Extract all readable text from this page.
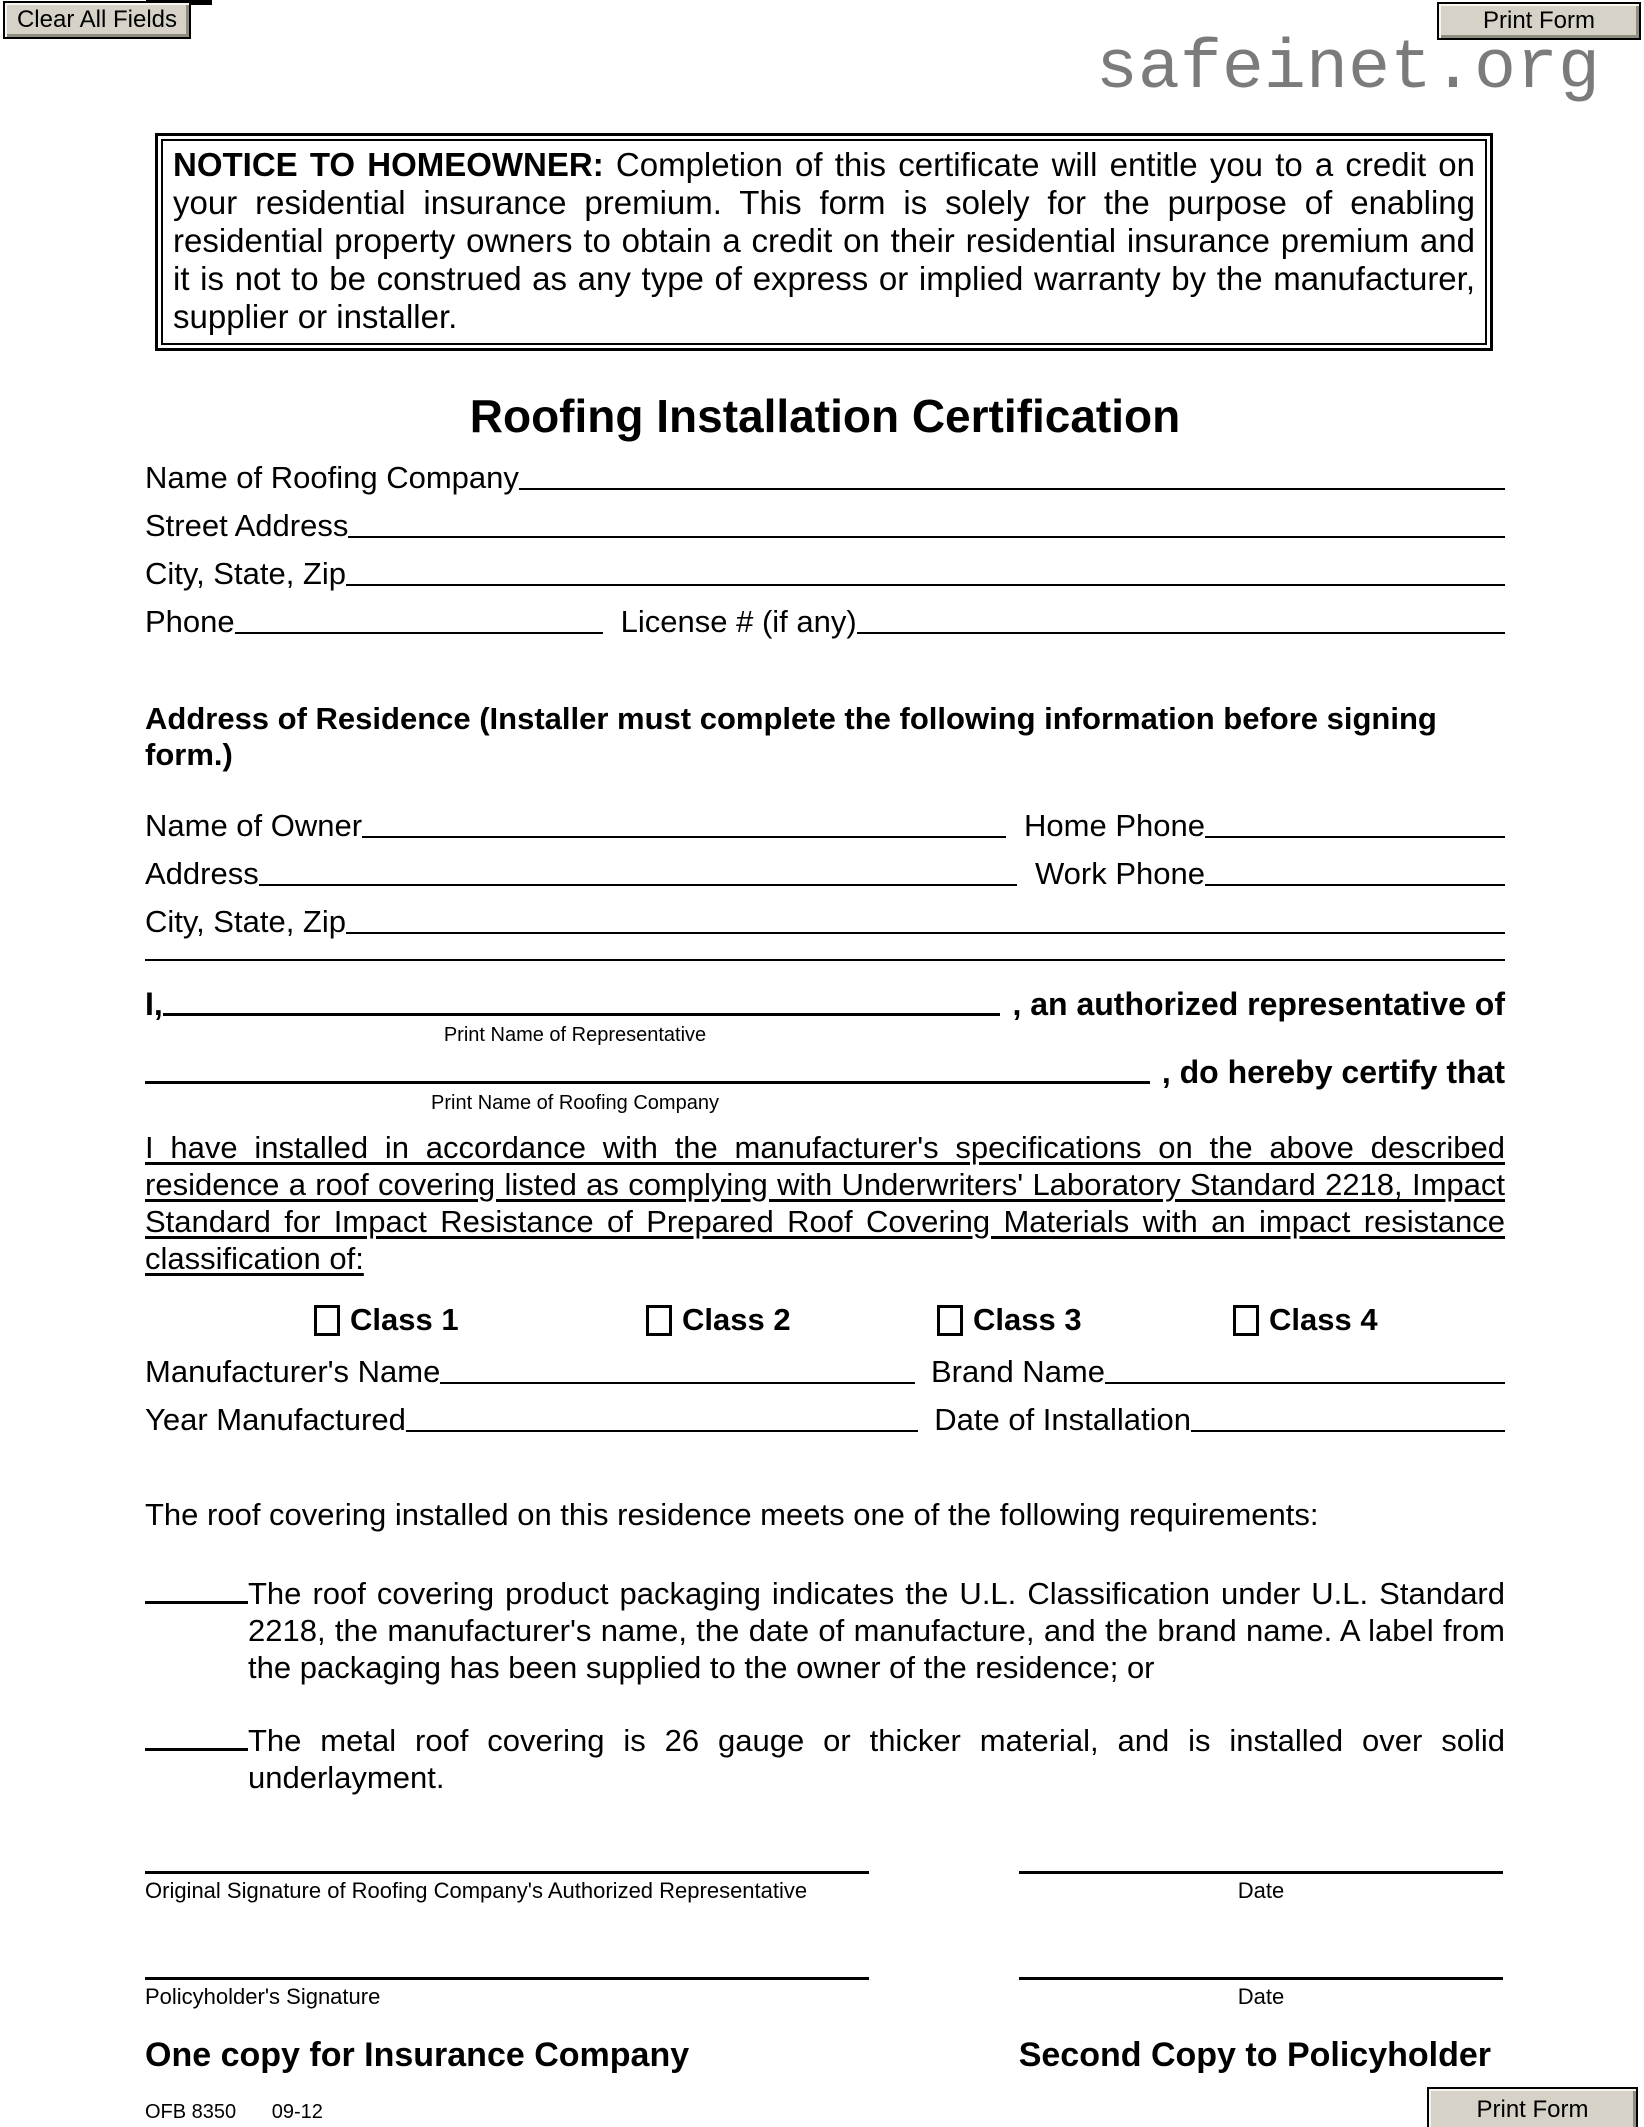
Clear All Fields	Print Form
safeinet.org
NOTICE TO HOMEOWNER: Completion of this certificate will entitle you to a credit on your residential insurance premium. This form is solely for the purpose of enabling residential property owners to obtain a credit on their residential insurance premium and it is not to be construed as any type of express or implied warranty by the manufacturer, supplier or installer.
Roofing Installation Certification
Name of Roofing Company
Street Address
City, State, Zip
Phone	License # (if any)
Address of Residence (Installer must complete the following information before signing form.)
Name of Owner	Home Phone
Address	Work Phone
City, State, Zip
I,	, an authorized representative of
Print Name of Representative
, do hereby certify that
Print Name of Roofing Company
I have installed in accordance with the manufacturer's specifications on the above described residence a roof covering listed as complying with Underwriters' Laboratory Standard 2218, Impact Standard for Impact Resistance of Prepared Roof Covering Materials with an impact resistance classification of:
Class 1	Class 2	Class 3	Class 4
Manufacturer's Name	Brand Name
Year Manufactured	Date of Installation
The roof covering installed on this residence meets one of the following requirements:
The roof covering product packaging indicates the U.L. Classification under U.L. Standard 2218, the manufacturer's name, the date of manufacture, and the brand name. A label from the packaging has been supplied to the owner of the residence; or
The metal roof covering is 26 gauge or thicker material, and is installed over solid underlayment.
Original Signature of Roofing Company's Authorized Representative	Date
Policyholder's Signature	Date
One copy for Insurance Company	Second Copy to Policyholder
OFB 8350 09-12	Print Form
